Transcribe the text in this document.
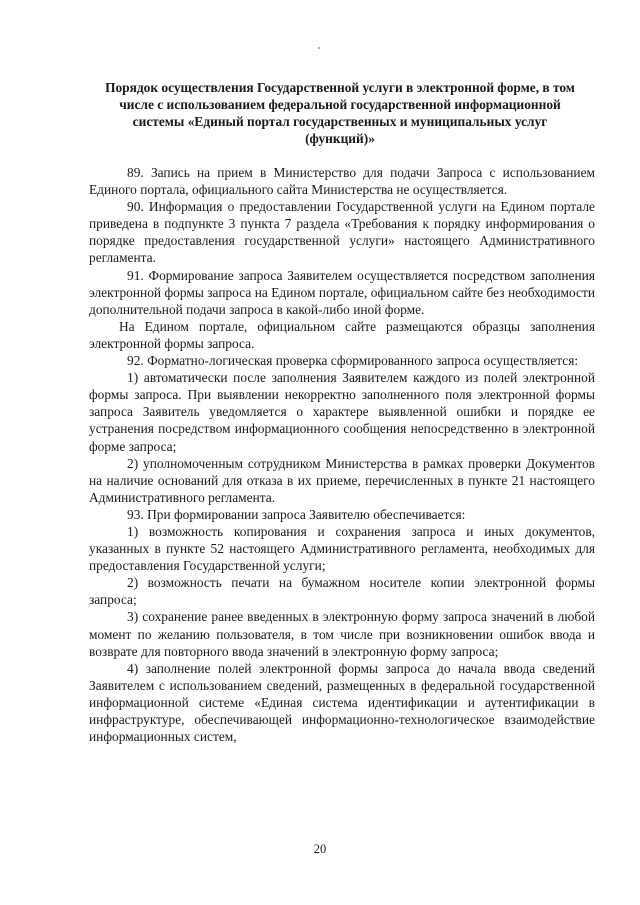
Порядок осуществления Государственной услуги в электронной форме, в том числе с использованием федеральной государственной информационной системы «Единый портал государственных и муниципальных услуг (функций)»

89. Запись на прием в Министерство для подачи Запроса с использованием Единого портала, официального сайта Министерства не осуществляется.

90. Информация о предоставлении Государственной услуги на Едином портале приведена в подпункте 3 пункта 7 раздела «Требования к порядку информирования о порядке предоставления государственной услуги» настоящего Административного регламента.

91. Формирование запроса Заявителем осуществляется посредством заполнения электронной формы запроса на Едином портале, официальном сайте без необходимости дополнительной подачи запроса в какой-либо иной форме.

На Едином портале, официальном сайте размещаются образцы заполнения электронной формы запроса.

92. Форматно-логическая проверка сформированного запроса осуществляется:

1) автоматически после заполнения Заявителем каждого из полей электронной формы запроса. При выявлении некорректно заполненного поля электронной формы запроса Заявитель уведомляется о характере выявленной ошибки и порядке ее устранения посредством информационного сообщения непосредственно в электронной форме запроса;

2) уполномоченным сотрудником Министерства в рамках проверки Документов на наличие оснований для отказа в их приеме, перечисленных в пункте 21 настоящего Административного регламента.

93. При формировании запроса Заявителю обеспечивается:

1) возможность копирования и сохранения запроса и иных документов, указанных в пункте 52 настоящего Административного регламента, необходимых для предоставления Государственной услуги;

2) возможность печати на бумажном носителе копии электронной формы запроса;

3) сохранение ранее введенных в электронную форму запроса значений в любой момент по желанию пользователя, в том числе при возникновении ошибок ввода и возврате для повторного ввода значений в электронную форму запроса;

4) заполнение полей электронной формы запроса до начала ввода сведений Заявителем с использованием сведений, размещенных в федеральной государственной информационной системе «Единая система идентификации и аутентификации в инфраструктуре, обеспечивающей информационно-технологическое взаимодействие информационных систем,

20
